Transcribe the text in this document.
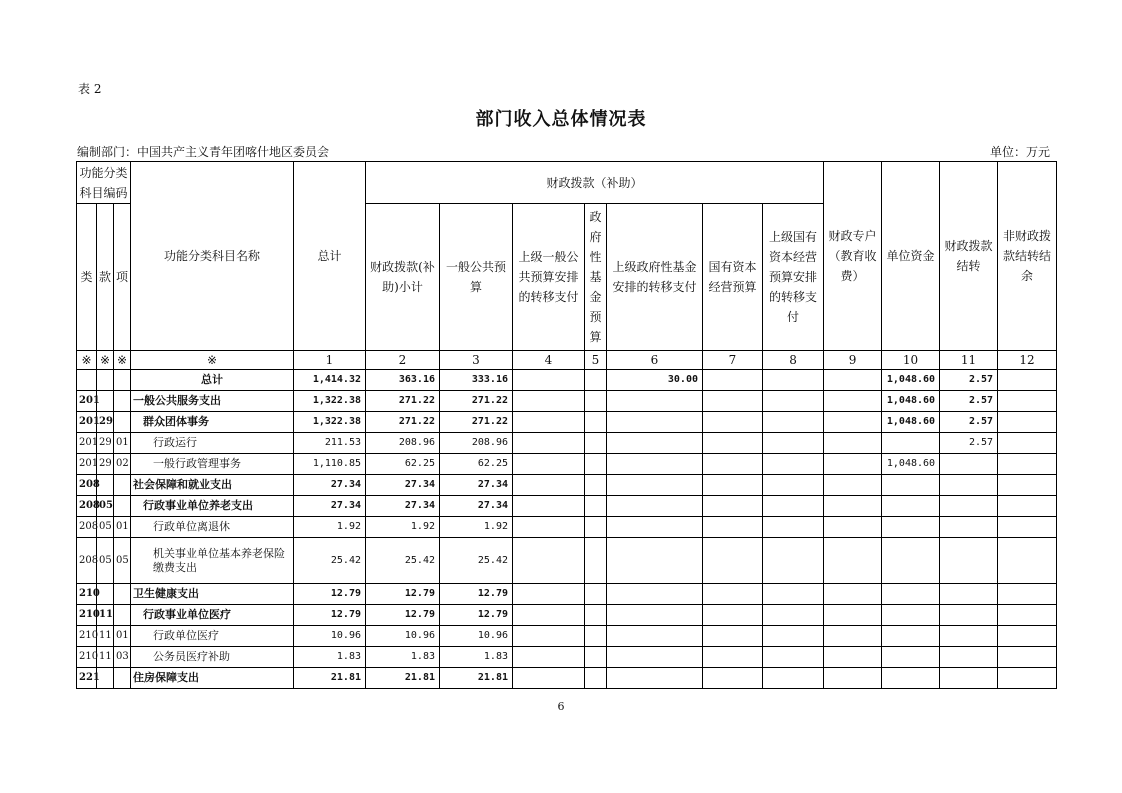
表 2
部门收入总体情况表
编制部门：中国共产主义青年团喀什地区委员会	单位：万元
功能分类科目编码			功能分类科目名称	总计	财政拨款（补助）							财政专户（教育收费）	单位资金	财政拨款结转	非财政拨款结转结余
类	款	项			财政拨款(补助)小计	一般公共预算	上级一般公共预算安排的转移支付	政府性基金预算	上级政府性基金安排的转移支付	国有资本经营预算	上级国有资本经营预算安排的转移支付				
※	※	※	※	1	2	3	4	5	6	7	8	9	10	11	12
			总计	1,414.32	363.16	333.16			30.00				1,048.60	2.57	
201			一般公共服务支出	1,322.38	271.22	271.22							1,048.60	2.57	
201	29		群众团体事务	1,322.38	271.22	271.22							1,048.60	2.57	
201	29	01	行政运行	211.53	208.96	208.96								2.57	
201	29	02	一般行政管理事务	1,110.85	62.25	62.25							1,048.60		
208			社会保障和就业支出	27.34	27.34	27.34									
208	05		行政事业单位养老支出	27.34	27.34	27.34									
208	05	01	行政单位离退休	1.92	1.92	1.92									
208	05	05	机关事业单位基本养老保险缴费支出	25.42	25.42	25.42									
210			卫生健康支出	12.79	12.79	12.79									
210	11		行政事业单位医疗	12.79	12.79	12.79									
210	11	01	行政单位医疗	10.96	10.96	10.96									
210	11	03	公务员医疗补助	1.83	1.83	1.83									
221			住房保障支出	21.81	21.81	21.81									
6
